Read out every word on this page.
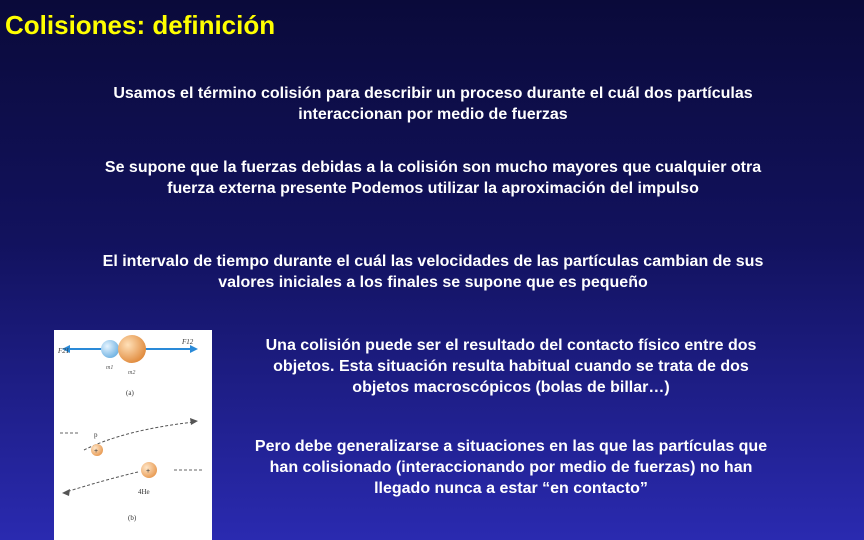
Colisiones: definición
Usamos el término colisión para describir un proceso durante el cuál dos partículas interaccionan por medio de fuerzas
Se supone que la fuerzas debidas a la colisión son mucho mayores que cualquier otra fuerza externa presente Podemos utilizar la aproximación del impulso
El intervalo de tiempo durante el cuál las velocidades de las partículas cambian de sus valores iniciales a los finales se supone que es pequeño
Una colisión puede ser el resultado del contacto físico entre dos objetos. Esta situación resulta habitual cuando se trata de dos objetos macroscópicos (bolas de billar…)
Pero debe generalizarse a situaciones en las que las partículas que han colisionado (interaccionando por medio de fuerzas) no han llegado nunca a estar “en contacto”
F21
F12
m1
m2
(a)
p
+
+
4He
(b)
